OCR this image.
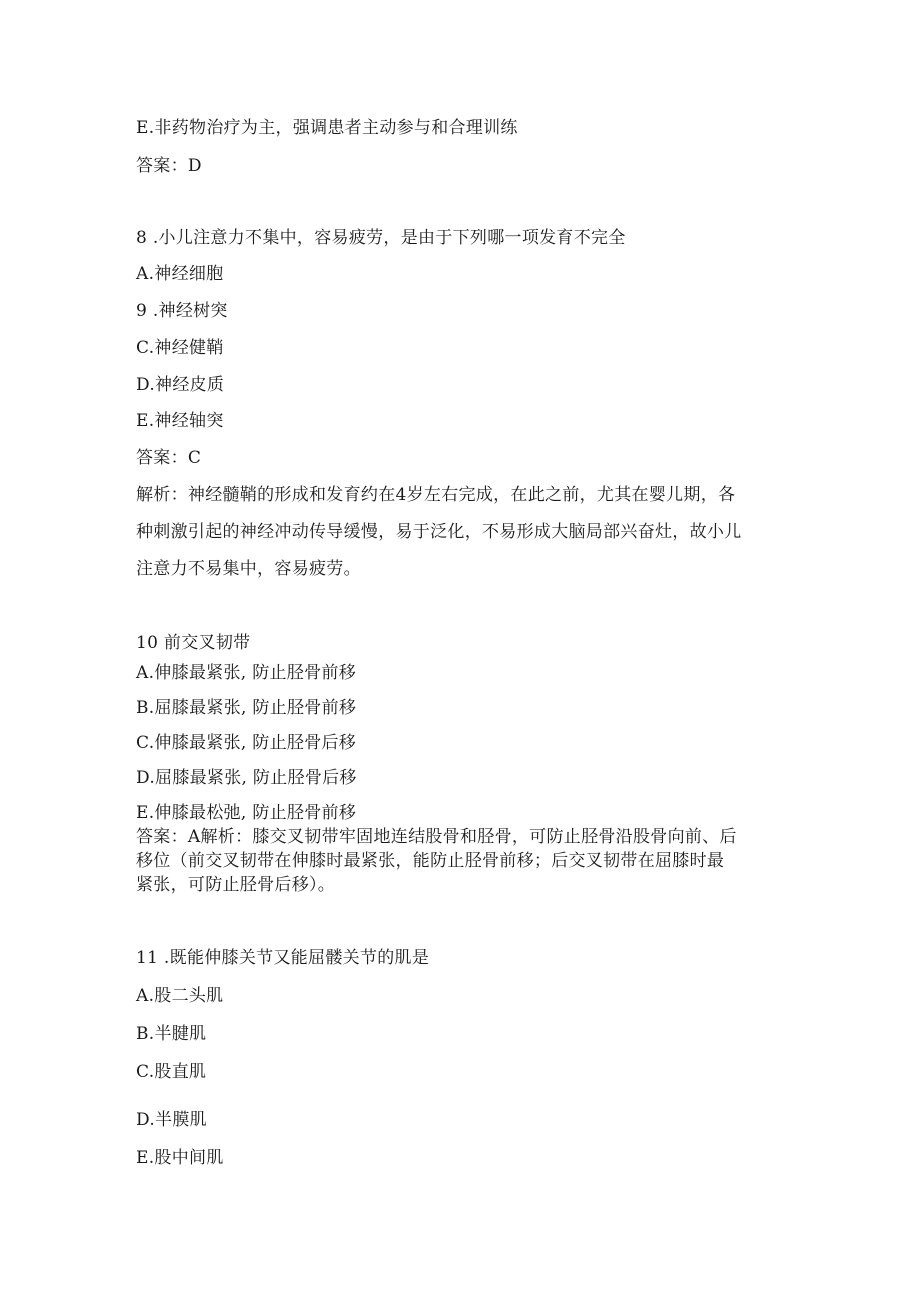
E.非药物治疗为主，强调患者主动参与和合理训练
答案：D
8 .小儿注意力不集中，容易疲劳，是由于下列哪一项发育不完全
A.神经细胞
9 .神经树突
C.神经健鞘
D.神经皮质
E.神经轴突
答案：C
解析：神经髓鞘的形成和发育约在4岁左右完成，在此之前，尤其在婴儿期，各
种刺激引起的神经冲动传导缓慢，易于泛化，不易形成大脑局部兴奋灶，故小儿
注意力不易集中，容易疲劳。
10 前交叉韧带
A.伸膝最紧张, 防止胫骨前移
B.屈膝最紧张, 防止胫骨前移
C.伸膝最紧张, 防止胫骨后移
D.屈膝最紧张, 防止胫骨后移
E.伸膝最松弛, 防止胫骨前移
答案：A解析：膝交叉韧带牢固地连结股骨和胫骨，可防止胫骨沿股骨向前、后
移位（前交叉韧带在伸膝时最紧张，能防止胫骨前移；后交叉韧带在屈膝时最
紧张，可防止胫骨后移）。
11 .既能伸膝关节又能屈髅关节的肌是
A.股二头肌
B.半腱肌
C.股直肌
D.半膜肌
E.股中间肌
